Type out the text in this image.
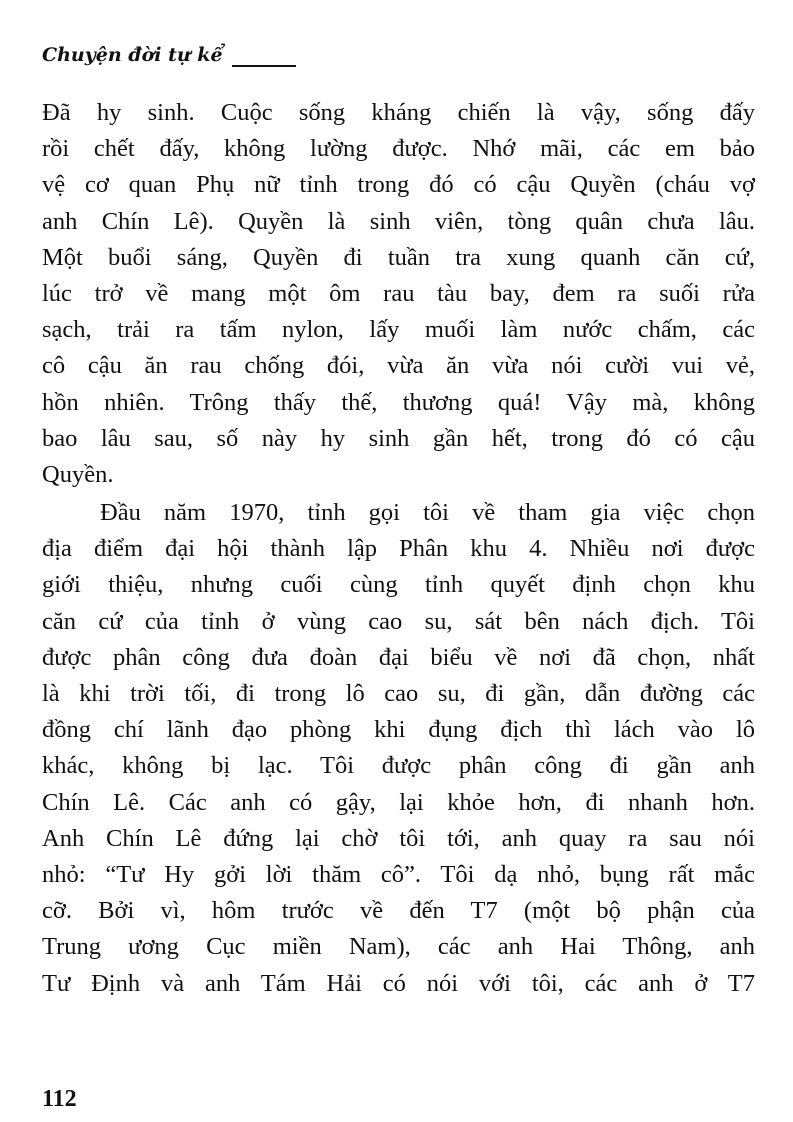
Chuyện đời tự kể
Đã hy sinh. Cuộc sống kháng chiến là vậy, sống đấy
rồi chết đấy, không lường được. Nhớ mãi, các em bảo
vệ cơ quan Phụ nữ tỉnh trong đó có cậu Quyền (cháu vợ
anh Chín Lê). Quyền là sinh viên, tòng quân chưa lâu.
Một buổi sáng, Quyền đi tuần tra xung quanh căn cứ,
lúc trở về mang một ôm rau tàu bay, đem ra suối rửa
sạch, trải ra tấm nylon, lấy muối làm nước chấm, các
cô cậu ăn rau chống đói, vừa ăn vừa nói cười vui vẻ,
hồn nhiên. Trông thấy thế, thương quá! Vậy mà, không
bao lâu sau, số này hy sinh gần hết, trong đó có cậu
Quyền.
Đầu năm 1970, tỉnh gọi tôi về tham gia việc chọn
địa điểm đại hội thành lập Phân khu 4. Nhiều nơi được
giới thiệu, nhưng cuối cùng tỉnh quyết định chọn khu
căn cứ của tỉnh ở vùng cao su, sát bên nách địch. Tôi
được phân công đưa đoàn đại biểu về nơi đã chọn, nhất
là khi trời tối, đi trong lô cao su, đi gần, dẫn đường các
đồng chí lãnh đạo phòng khi đụng địch thì lách vào lô
khác, không bị lạc. Tôi được phân công đi gần anh
Chín Lê. Các anh có gậy, lại khỏe hơn, đi nhanh hơn.
Anh Chín Lê đứng lại chờ tôi tới, anh quay ra sau nói
nhỏ: “Tư Hy gởi lời thăm cô”. Tôi dạ nhỏ, bụng rất mắc
cỡ. Bởi vì, hôm trước về đến T7 (một bộ phận của
Trung ương Cục miền Nam), các anh Hai Thông, anh
Tư Định và anh Tám Hải có nói với tôi, các anh ở T7
112
